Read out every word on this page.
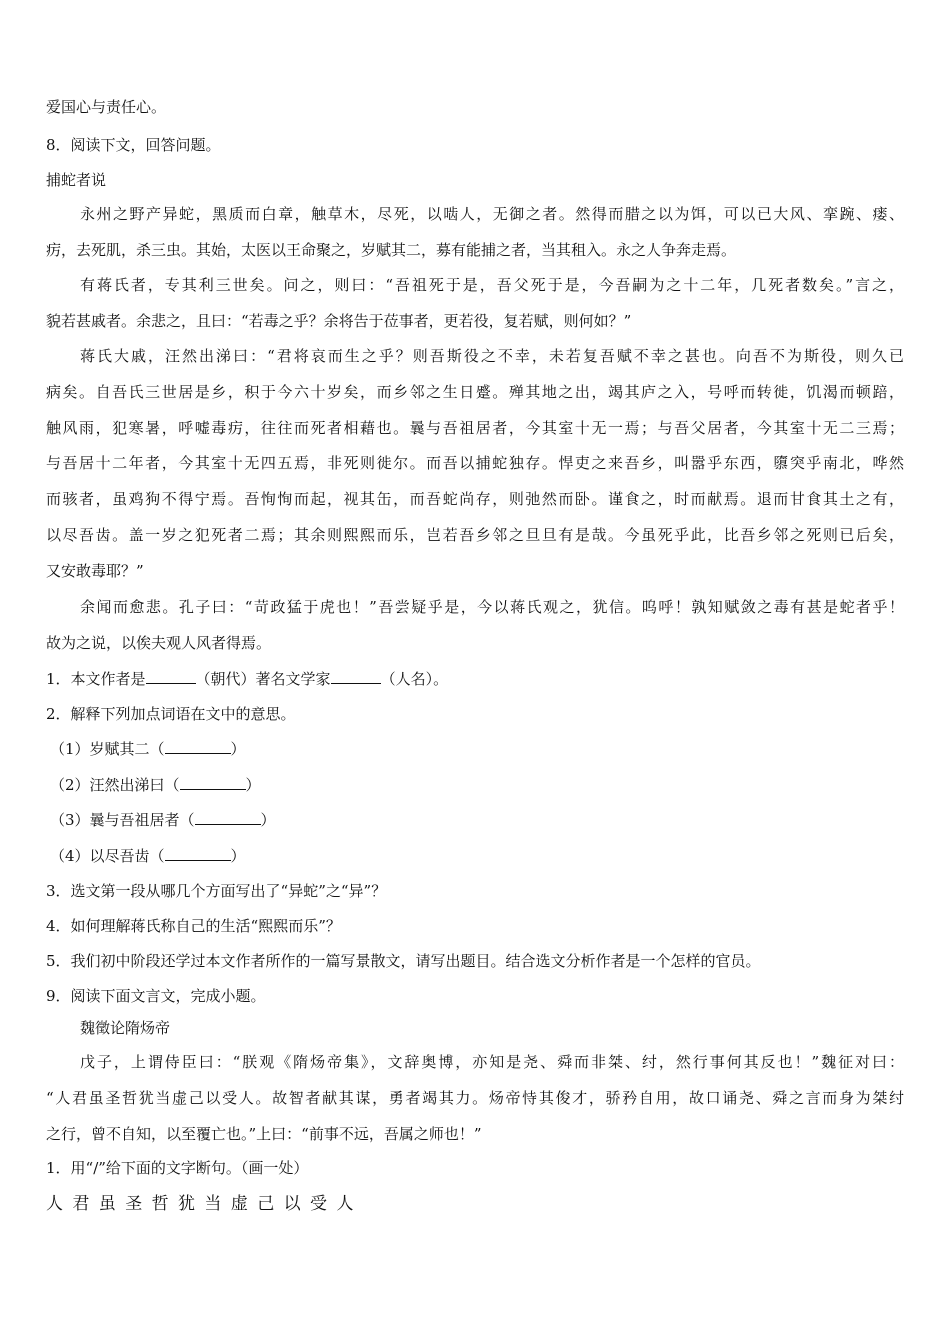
爱国心与责任心。
8．阅读下文，回答问题。
捕蛇者说
永州之野产异蛇，黑质而白章，触草木，尽死，以啮人，无御之者。然得而腊之以为饵，可以已大风、挛踠、瘘、
疠，去死肌，杀三虫。其始，太医以王命聚之，岁赋其二，募有能捕之者，当其租入。永之人争奔走焉。
有蒋氏者，专其利三世矣。问之，则曰：“吾祖死于是，吾父死于是，今吾嗣为之十二年，几死者数矣。”言之，
貌若甚戚者。余悲之，且曰：“若毒之乎？余将告于莅事者，更若役，复若赋，则何如？”
蒋氏大戚，汪然出涕曰：“君将哀而生之乎？则吾斯役之不幸，未若复吾赋不幸之甚也。向吾不为斯役，则久已
病矣。自吾氏三世居是乡，积于今六十岁矣，而乡邻之生日蹙。殚其地之出，竭其庐之入，号呼而转徙，饥渴而顿踣，
触风雨，犯寒暑，呼嘘毒疠，往往而死者相藉也。曩与吾祖居者，今其室十无一焉；与吾父居者，今其室十无二三焉；
与吾居十二年者，今其室十无四五焉，非死则徙尔。而吾以捕蛇独存。悍吏之来吾乡，叫嚣乎东西，隳突乎南北，哗然
而骇者，虽鸡狗不得宁焉。吾恂恂而起，视其缶，而吾蛇尚存，则弛然而卧。谨食之，时而献焉。退而甘食其土之有，
以尽吾齿。盖一岁之犯死者二焉；其余则熙熙而乐，岂若吾乡邻之旦旦有是哉。今虽死乎此，比吾乡邻之死则已后矣，
又安敢毒耶？”
余闻而愈悲。孔子曰：“苛政猛于虎也！”吾尝疑乎是，今以蒋氏观之，犹信。呜呼！孰知赋敛之毒有甚是蛇者乎！
故为之说，以俟夫观人风者得焉。
1．本文作者是	（朝代）著名文学家	（人名）。
2．解释下列加点词语在文中的意思。
（1）岁赋其二（	）
（2）汪然出涕曰（	）
（3）曩与吾祖居者（	）
（4）以尽吾齿（	）
3．选文第一段从哪几个方面写出了“异蛇”之“异”？
4．如何理解蒋氏称自己的生活“熙熙而乐”？
5．我们初中阶段还学过本文作者所作的一篇写景散文，请写出题目。结合选文分析作者是一个怎样的官员。
9．阅读下面文言文，完成小题。
魏徵论隋炀帝
戊子，上谓侍臣曰：“朕观《隋炀帝集》，文辞奥博，亦知是尧、舜而非桀、纣，然行事何其反也！”魏征对曰：
“人君虽圣哲犹当虚己以受人。故智者献其谋，勇者竭其力。炀帝恃其俊才，骄矜自用，故口诵尧、舜之言而身为桀纣
之行，曾不自知，以至覆亡也。”上曰：“前事不远，吾属之师也！”
1．用“/”给下面的文字断句。（画一处）
人 君 虽 圣 哲 犹 当 虚 己 以 受 人
